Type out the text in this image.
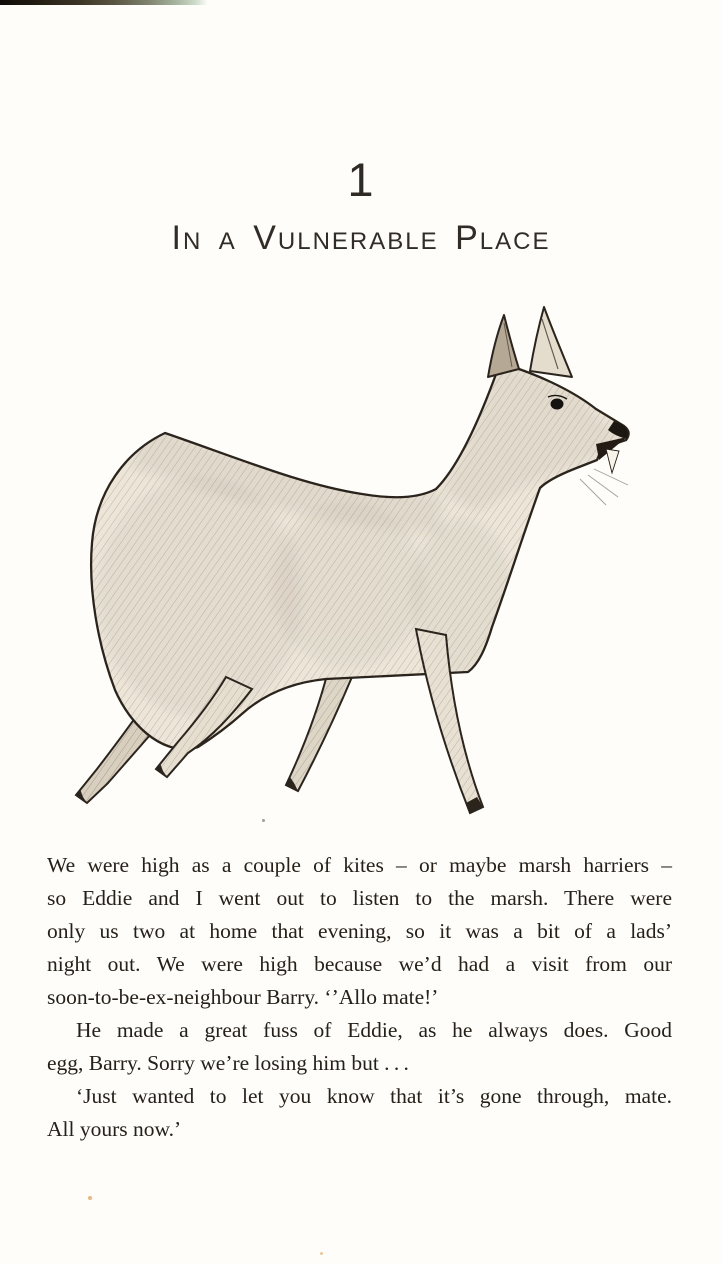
1
In a Vulnerable Place
We were high as a couple of kites – or maybe marsh harriers –
so Eddie and I went out to listen to the marsh. There were
only us two at home that evening, so it was a bit of a lads’
night out. We were high because we’d had a visit from our
soon-to-be-ex-neighbour Barry. ‘’Allo mate!’
He made a great fuss of Eddie, as he always does. Good
egg, Barry. Sorry we’re losing him but . . .
‘Just wanted to let you know that it’s gone through, mate.
All yours now.’
